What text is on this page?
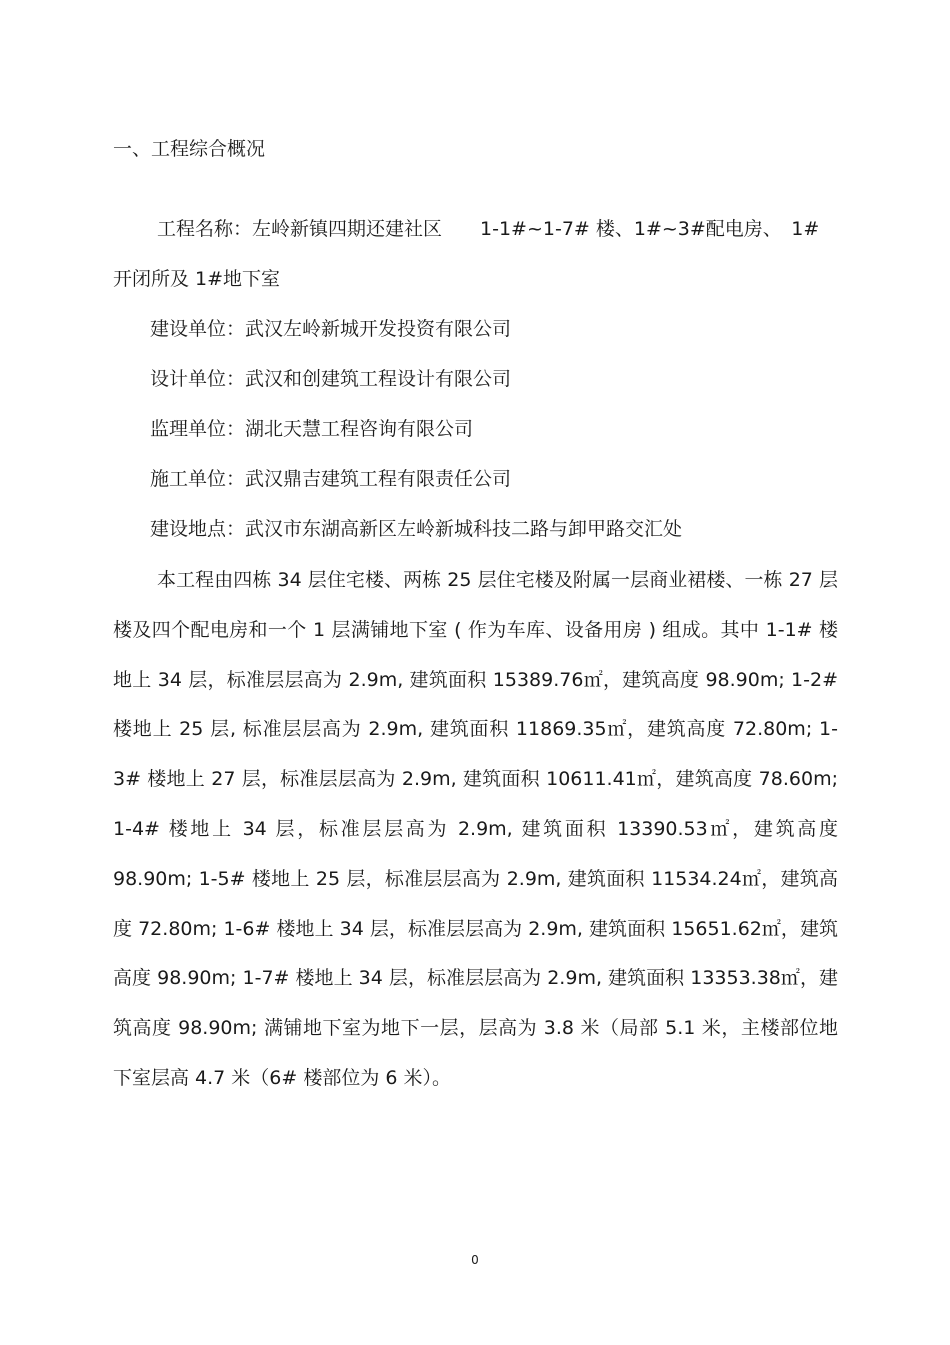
一、工程综合概况
工程名称：左岭新镇四期还建社区　　1-1#~1-7# 楼、1#~3#配电房、　1#
开闭所及 1#地下室
建设单位：武汉左岭新城开发投资有限公司
设计单位：武汉和创建筑工程设计有限公司
监理单位：湖北天慧工程咨询有限公司
施工单位：武汉鼎吉建筑工程有限责任公司
建设地点：武汉市东湖高新区左岭新城科技二路与卸甲路交汇处
本工程由四栋 34 层住宅楼、两栋 25 层住宅楼及附属一层商业裙楼、一栋 27 层楼及四个配电房和一个 1 层满铺地下室 ( 作为车库、设备用房 ) 组成。其中 1-1# 楼地上 34 层，标准层层高为 2.9m, 建筑面积 15389.76㎡，建筑高度 98.90m; 1-2# 楼地上 25 层, 标准层层高为 2.9m, 建筑面积 11869.35㎡，建筑高度 72.80m; 1-3# 楼地上 27 层，标准层层高为 2.9m, 建筑面积 10611.41㎡，建筑高度 78.60m; 1-4# 楼地上 34 层，标准层层高为 2.9m, 建筑面积 13390.53㎡，建筑高度 98.90m; 1-5# 楼地上 25 层，标准层层高为 2.9m, 建筑面积 11534.24㎡，建筑高度 72.80m; 1-6# 楼地上 34 层，标准层层高为 2.9m, 建筑面积 15651.62㎡，建筑高度 98.90m; 1-7# 楼地上 34 层，标准层层高为 2.9m, 建筑面积 13353.38㎡，建筑高度 98.90m; 满铺地下室为地下一层，层高为 3.8 米（局部 5.1 米，主楼部位地下室层高 4.7 米（6# 楼部位为 6 米）。
0
